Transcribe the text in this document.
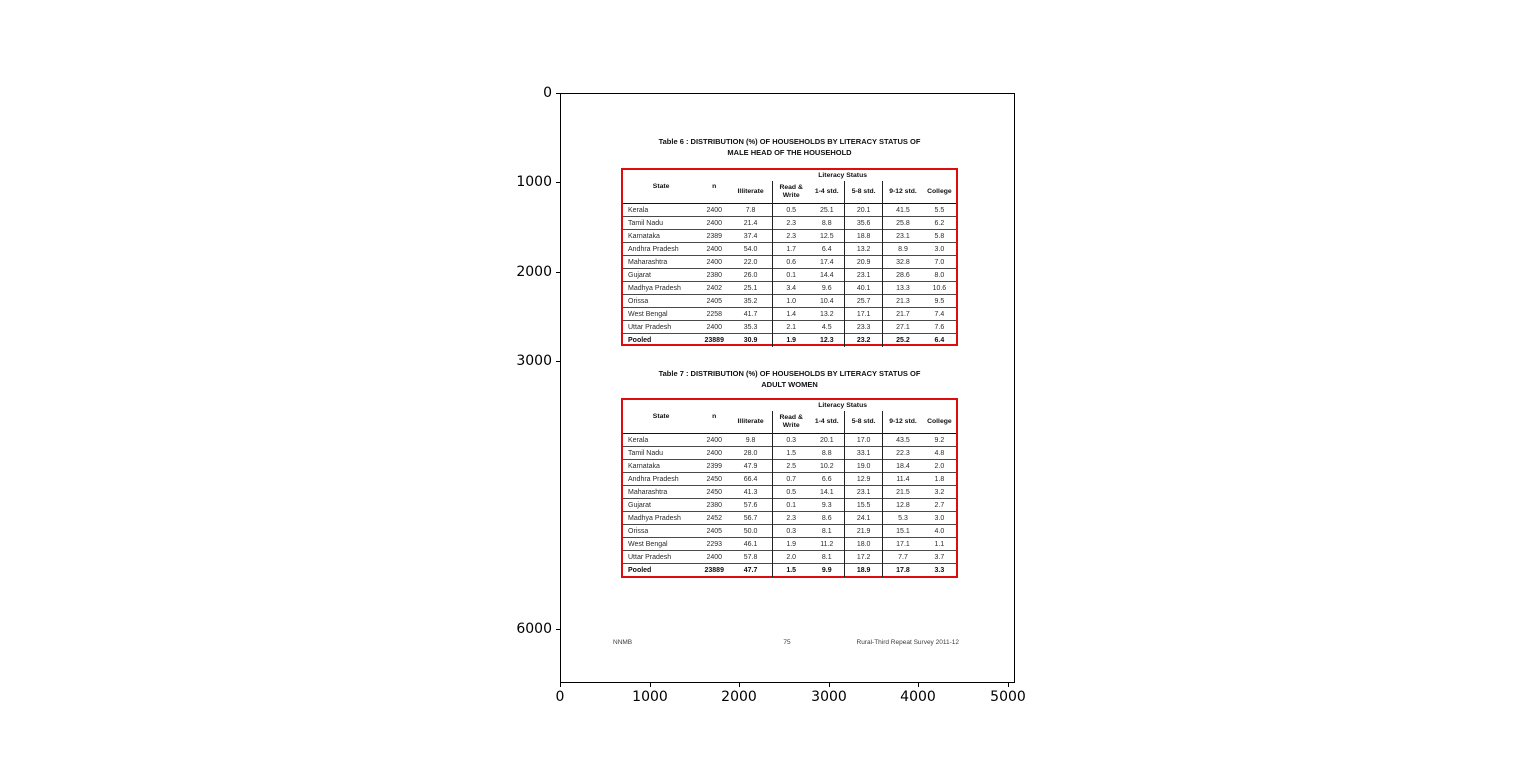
Table 6 : DISTRIBUTION (%) OF HOUSEHOLDS BY LITERACY STATUS OF
MALE HEAD OF THE HOUSEHOLD
State	n	Literacy Status					
		Illiterate	Read & Write	1-4 std.	5-8 std.	9-12 std.	College
Kerala	2400	7.8	0.5	25.1	20.1	41.5	5.5
Tamil Nadu	2400	21.4	2.3	8.8	35.6	25.8	6.2
Karnataka	2389	37.4	2.3	12.5	18.8	23.1	5.8
Andhra Pradesh	2400	54.0	1.7	6.4	13.2	8.9	3.0
Maharashtra	2400	22.0	0.6	17.4	20.9	32.8	7.0
Gujarat	2380	26.0	0.1	14.4	23.1	28.6	8.0
Madhya Pradesh	2402	25.1	3.4	9.6	40.1	13.3	10.6
Orissa	2405	35.2	1.0	10.4	25.7	21.3	9.5
West Bengal	2258	41.7	1.4	13.2	17.1	21.7	7.4
Uttar Pradesh	2400	35.3	2.1	4.5	23.3	27.1	7.6
Pooled	23889	30.9	1.9	12.3	23.2	25.2	6.4
Table 7 : DISTRIBUTION (%) OF HOUSEHOLDS BY LITERACY STATUS OF
ADULT WOMEN
State	n	Literacy Status					
		Illiterate	Read & Write	1-4 std.	5-8 std.	9-12 std.	College
Kerala	2400	9.8	0.3	20.1	17.0	43.5	9.2
Tamil Nadu	2400	28.0	1.5	8.8	33.1	22.3	4.8
Karnataka	2399	47.9	2.5	10.2	19.0	18.4	2.0
Andhra Pradesh	2450	66.4	0.7	6.6	12.9	11.4	1.8
Maharashtra	2450	41.3	0.5	14.1	23.1	21.5	3.2
Gujarat	2380	57.6	0.1	9.3	15.5	12.8	2.7
Madhya Pradesh	2452	56.7	2.3	8.6	24.1	5.3	3.0
Orissa	2405	50.0	0.3	8.1	21.9	15.1	4.0
West Bengal	2293	46.1	1.9	11.2	18.0	17.1	1.1
Uttar Pradesh	2400	57.8	2.0	8.1	17.2	7.7	3.7
Pooled	23889	47.7	1.5	9.9	18.9	17.8	3.3
NNMB	75	Rural-Third Repeat Survey 2011-12
0
1000
2000
3000
6000
0	1000	2000	3000	4000	5000
